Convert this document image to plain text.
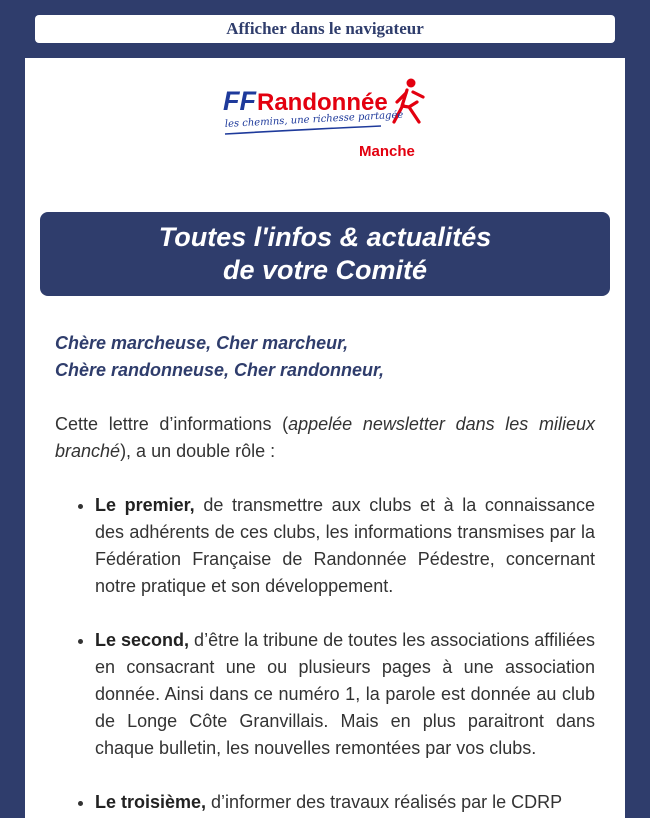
Afficher dans le navigateur
FF Randonnée
les chemins, une richesse partagée
Manche
Toutes l'infos & actualités
de votre Comité
Chère marcheuse, Cher marcheur,
Chère randonneuse, Cher randonneur,

Cette lettre d’informations (appelée newsletter dans les milieux branché), a un double rôle :

• Le premier, de transmettre aux clubs et à la connaissance des adhérents de ces clubs, les informations transmises par la Fédération Française de Randonnée Pédestre, concernant notre pratique et son développement.
• Le second, d’être la tribune de toutes les associations affiliées en consacrant une ou plusieurs pages à une association donnée. Ainsi dans ce numéro 1, la parole est donnée au club de Longe Côte Granvillais. Mais en plus paraitront dans chaque bulletin, les nouvelles remontées par vos clubs.
• Le troisième, d’informer des travaux réalisés par le CDRP
